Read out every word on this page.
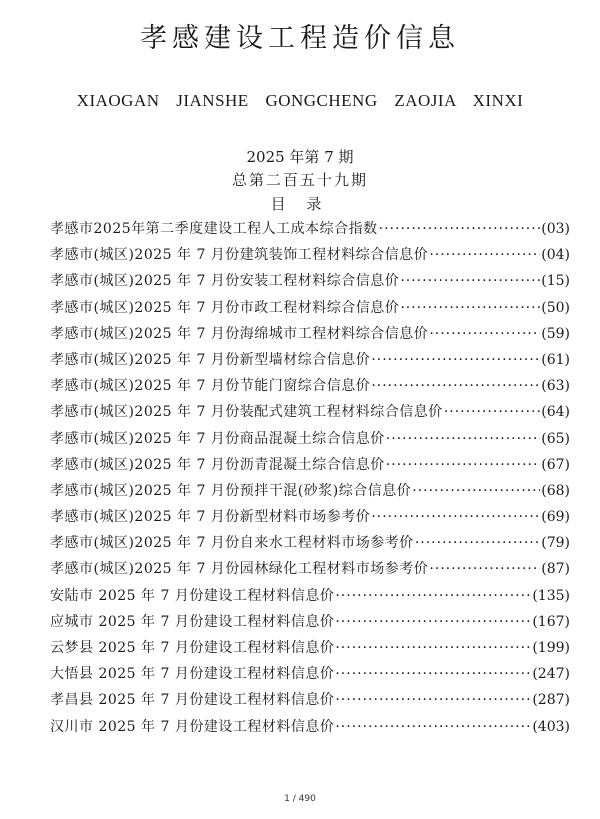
孝感建设工程造价信息
XIAOGAN JIANSHE GONGCHENG ZAOJIA XINXI
2025 年第 7 期
总第二百五十九期
目 录
孝感市2025年第二季度建设工程人工成本综合指数 ·····	(03)
孝感市(城区)2025 年 7 月份建筑装饰工程材料综合信息价 ·····	(04)
孝感市(城区)2025 年 7 月份安装工程材料综合信息价 ·····	(15)
孝感市(城区)2025 年 7 月份市政工程材料综合信息价 ·····	(50)
孝感市(城区)2025 年 7 月份海绵城市工程材料综合信息价 ·····	(59)
孝感市(城区)2025 年 7 月份新型墙材综合信息价 ·····	(61)
孝感市(城区)2025 年 7 月份节能门窗综合信息价 ·····	(63)
孝感市(城区)2025 年 7 月份装配式建筑工程材料综合信息价 ·····	(64)
孝感市(城区)2025 年 7 月份商品混凝土综合信息价 ·····	(65)
孝感市(城区)2025 年 7 月份沥青混凝土综合信息价 ·····	(67)
孝感市(城区)2025 年 7 月份预拌干混(砂浆)综合信息价 ·····	(68)
孝感市(城区)2025 年 7 月份新型材料市场参考价 ·····	(69)
孝感市(城区)2025 年 7 月份自来水工程材料市场参考价 ·····	(79)
孝感市(城区)2025 年 7 月份园林绿化工程材料市场参考价 ·····	(87)
安陆市 2025 年 7 月份建设工程材料信息价 ·····	(135)
应城市 2025 年 7 月份建设工程材料信息价 ·····	(167)
云梦县 2025 年 7 月份建设工程材料信息价 ·····	(199)
大悟县 2025 年 7 月份建设工程材料信息价 ·····	(247)
孝昌县 2025 年 7 月份建设工程材料信息价 ·····	(287)
汉川市 2025 年 7 月份建设工程材料信息价 ·····	(403)
1 / 490
